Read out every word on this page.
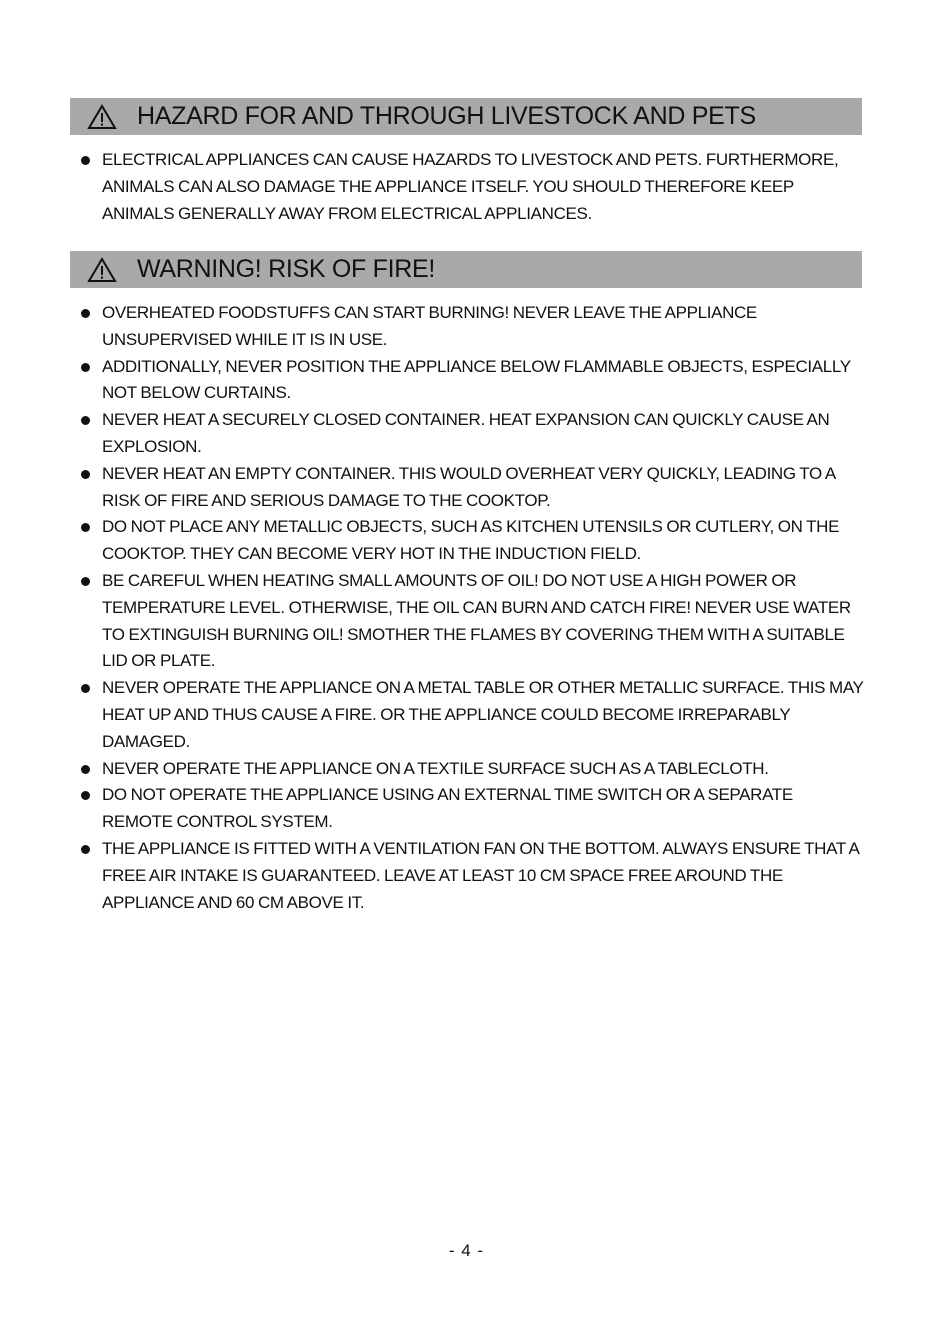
HAZARD FOR AND THROUGH LIVESTOCK AND PETS
ELECTRICAL APPLIANCES CAN CAUSE HAZARDS TO LIVESTOCK AND PETS. FURTHERMORE,
ANIMALS CAN ALSO DAMAGE THE APPLIANCE ITSELF. YOU SHOULD THEREFORE KEEP
ANIMALS GENERALLY AWAY FROM ELECTRICAL APPLIANCES.
WARNING! RISK OF FIRE!
OVERHEATED FOODSTUFFS CAN START BURNING! NEVER LEAVE THE APPLIANCE
UNSUPERVISED WHILE IT IS IN USE.
ADDITIONALLY, NEVER POSITION THE APPLIANCE BELOW FLAMMABLE OBJECTS, ESPECIALLY
NOT BELOW CURTAINS.
NEVER HEAT A SECURELY CLOSED CONTAINER. HEAT EXPANSION CAN QUICKLY CAUSE AN
EXPLOSION.
NEVER HEAT AN EMPTY CONTAINER. THIS WOULD OVERHEAT VERY QUICKLY, LEADING TO A
RISK OF FIRE AND SERIOUS DAMAGE TO THE COOKTOP.
DO NOT PLACE ANY METALLIC OBJECTS, SUCH AS KITCHEN UTENSILS OR CUTLERY, ON THE
COOKTOP. THEY CAN BECOME VERY HOT IN THE INDUCTION FIELD.
BE CAREFUL WHEN HEATING SMALL AMOUNTS OF OIL! DO NOT USE A HIGH POWER OR
TEMPERATURE LEVEL. OTHERWISE, THE OIL CAN BURN AND CATCH FIRE! NEVER USE WATER
TO EXTINGUISH BURNING OIL! SMOTHER THE FLAMES BY COVERING THEM WITH A SUITABLE
LID OR PLATE.
NEVER OPERATE THE APPLIANCE ON A METAL TABLE OR OTHER METALLIC SURFACE. THIS MAY
HEAT UP AND THUS CAUSE A FIRE. OR THE APPLIANCE COULD BECOME IRREPARABLY
DAMAGED.
NEVER OPERATE THE APPLIANCE ON A TEXTILE SURFACE SUCH AS A TABLECLOTH.
DO NOT OPERATE THE APPLIANCE USING AN EXTERNAL TIME SWITCH OR A SEPARATE
REMOTE CONTROL SYSTEM.
THE APPLIANCE IS FITTED WITH A VENTILATION FAN ON THE BOTTOM. ALWAYS ENSURE THAT A
FREE AIR INTAKE IS GUARANTEED. LEAVE AT LEAST 10 CM SPACE FREE AROUND THE
APPLIANCE AND 60 CM ABOVE IT.
- 4 -
